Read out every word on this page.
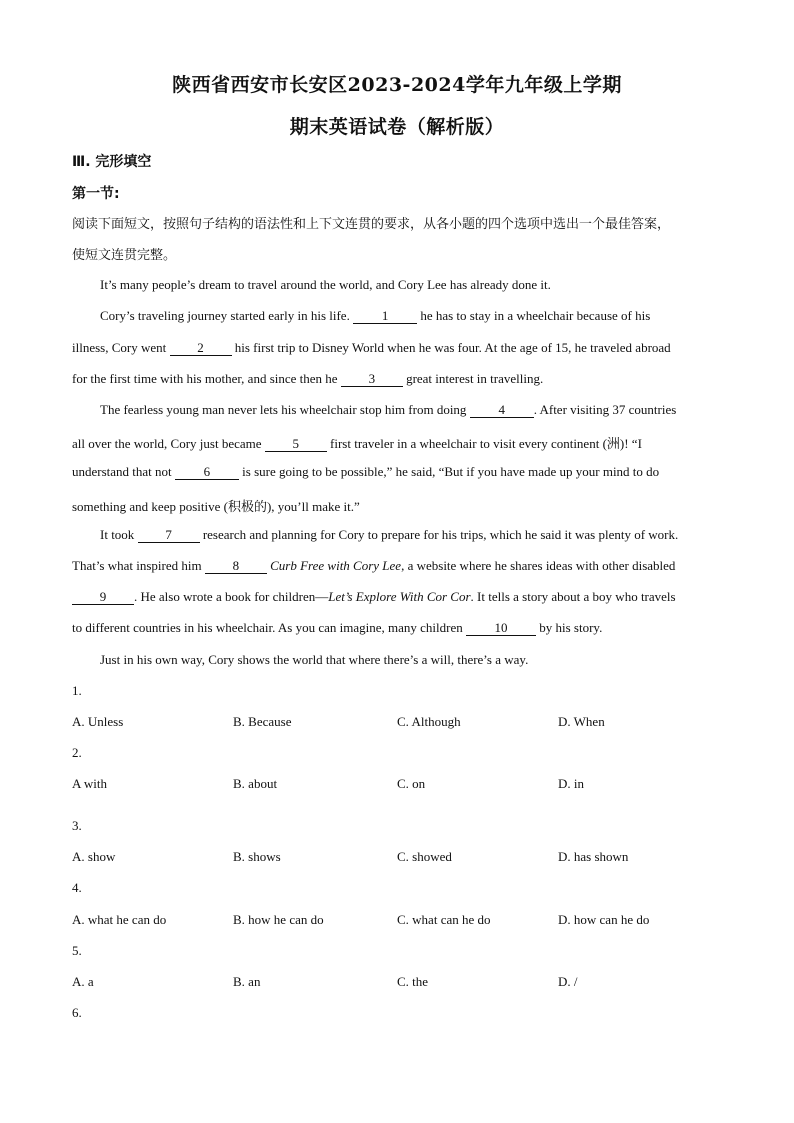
陕西省西安市长安区2023-2024学年九年级上学期
期末英语试卷（解析版）
Ⅲ. 完形填空
第一节:
阅读下面短文，按照句子结构的语法性和上下文连贯的要求，从各小题的四个选项中选出一个最佳答案，
使短文连贯完整。
It’s many people’s dream to travel around the world, and Cory Lee has already done it.
Cory’s traveling journey started early in his life. 1 he has to stay in a wheelchair because of his
illness, Cory went 2 his first trip to Disney World when he was four. At the age of 15, he traveled abroad
for the first time with his mother, and since then he 3 great interest in travelling.
The fearless young man never lets his wheelchair stop him from doing 4 . After visiting 37 countries
all over the world, Cory just became 5 first traveler in a wheelchair to visit every continent (洲)! “I
understand that not 6 is sure going to be possible,” he said, “But if you have made up your mind to do
something and keep positive (积极的), you’ll make it.”
It took 7 research and planning for Cory to prepare for his trips, which he said it was plenty of work.
That’s what inspired him 8 Curb Free with Cory Lee, a website where he shares ideas with other disabled
9 . He also wrote a book for children—Let’s Explore With Cor Cor. It tells a story about a boy who travels
to different countries in his wheelchair. As you can imagine, many children 10 by his story.
Just in his own way, Cory shows the world that where there’s a will, there’s a way.
1.
A. Unless	B. Because	C. Although	D. When
2.
A with	B. about	C. on	D. in
3.
A. show	B. shows	C. showed	D. has shown
4.
A. what he can do	B. how he can do	C. what can he do	D. how can he do
5.
A. a	B. an	C. the	D. /
6.
